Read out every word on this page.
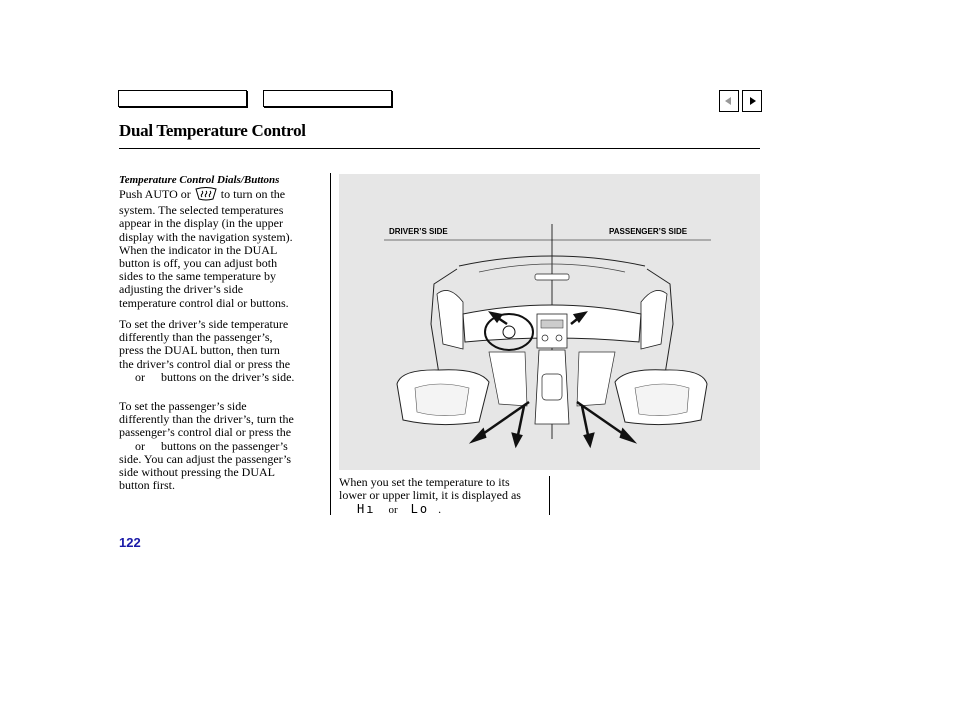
Dual Temperature Control
Temperature Control Dials/Buttons
Push AUTO or	to turn on the
system. The selected temperatures
appear in the display (in the upper
display with the navigation system).
When the indicator in the DUAL
button is off, you can adjust both
sides to the same temperature by
adjusting the driver’s side
temperature control dial or buttons.
To set the driver’s side temperature
differently than the passenger’s,
press the DUAL button, then turn
the driver’s control dial or press the
or buttons on the driver’s side.
To set the passenger’s side
differently than the driver’s, turn the
passenger’s control dial or press the
or buttons on the passenger’s
side. You can adjust the passenger’s
side without pressing the DUAL
button first.
DRIVER’S SIDE	PASSENGER’S SIDE
When you set the temperature to its
lower or upper limit, it is displayed as
Hı or Lo .
122
